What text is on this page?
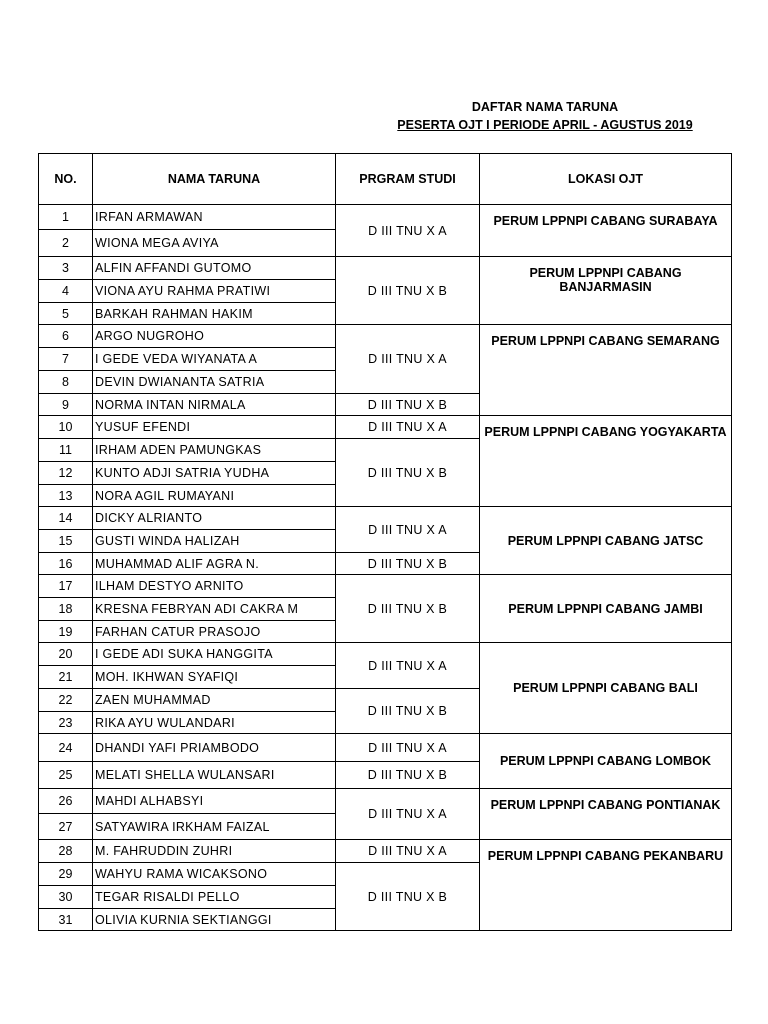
DAFTAR NAMA TARUNA
PESERTA OJT I PERIODE APRIL - AGUSTUS 2019
NO.	NAMA TARUNA	PRGRAM STUDI	LOKASI OJT
1	IRFAN ARMAWAN	D III TNU X A	PERUM LPPNPI CABANG SURABAYA
2	WIONA MEGA AVIYA		
3	ALFIN AFFANDI GUTOMO	D III TNU X B	PERUM LPPNPI CABANG BANJARMASIN
4	VIONA AYU RAHMA PRATIWI		
5	BARKAH RAHMAN HAKIM		
6	ARGO NUGROHO	D III TNU X A	PERUM LPPNPI CABANG SEMARANG
7	I GEDE VEDA WIYANATA A		
8	DEVIN DWIANANTA SATRIA		
9	NORMA INTAN NIRMALA	D III TNU X B	
10	YUSUF EFENDI	D III TNU X A	PERUM LPPNPI CABANG YOGYAKARTA
11	IRHAM ADEN PAMUNGKAS	D III TNU X B	
12	KUNTO ADJI SATRIA YUDHA		
13	NORA AGIL RUMAYANI		
14	DICKY ALRIANTO	D III TNU X A	PERUM LPPNPI CABANG JATSC
15	GUSTI WINDA HALIZAH		
16	MUHAMMAD ALIF AGRA N.	D III TNU X B	
17	ILHAM DESTYO ARNITO	D III TNU X B	PERUM LPPNPI CABANG JAMBI
18	KRESNA FEBRYAN ADI CAKRA M		
19	FARHAN CATUR PRASOJO		
20	I GEDE ADI SUKA HANGGITA	D III TNU X A	PERUM LPPNPI CABANG BALI
21	MOH. IKHWAN SYAFIQI		
22	ZAEN MUHAMMAD	D III TNU X B	
23	RIKA AYU WULANDARI		
24	DHANDI YAFI PRIAMBODO	D III TNU X A	PERUM LPPNPI CABANG LOMBOK
25	MELATI SHELLA WULANSARI	D III TNU X B	
26	MAHDI ALHABSYI	D III TNU X A	PERUM LPPNPI CABANG PONTIANAK
27	SATYAWIRA IRKHAM FAIZAL		
28	M. FAHRUDDIN ZUHRI	D III TNU X A	PERUM LPPNPI CABANG PEKANBARU
29	WAHYU RAMA WICAKSONO	D III TNU X B	
30	TEGAR RISALDI PELLO		
31	OLIVIA KURNIA SEKTIANGGI		
